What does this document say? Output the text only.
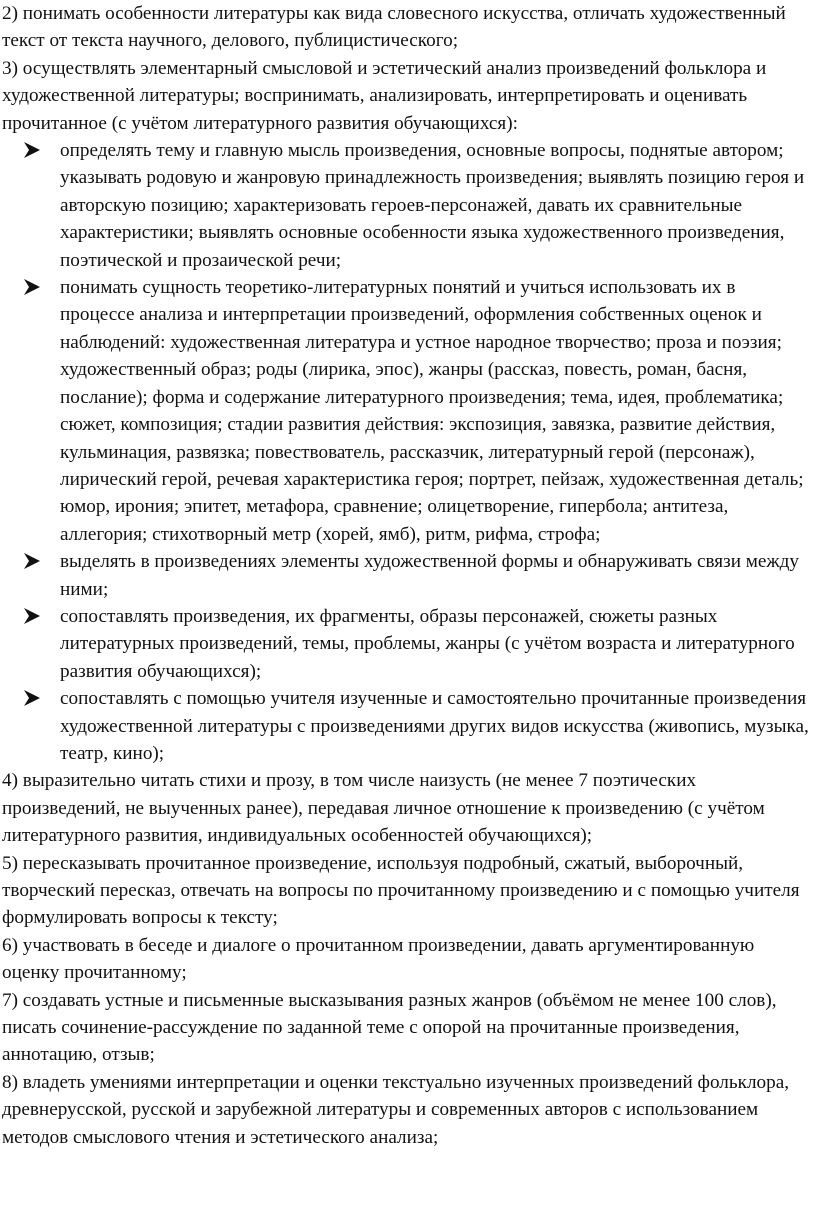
2) понимать особенности литературы как вида словесного искусства, отличать художественный текст от текста научного, делового, публицистического;

3) осуществлять элементарный смысловой и эстетический анализ произведений фольклора и художественной литературы; воспринимать, анализировать, интерпретировать и оценивать прочитанное (с учётом литературного развития обучающихся):

определять тему и главную мысль произведения, основные вопросы, поднятые автором; указывать родовую и жанровую принадлежность произведения; выявлять позицию героя и авторскую позицию; характеризовать героев-персонажей, давать их сравнительные характеристики; выявлять основные особенности языка художественного произведения, поэтической и прозаической речи;
понимать сущность теоретико-литературных понятий и учиться использовать их в процессе анализа и интерпретации произведений, оформления собственных оценок и наблюдений: художественная литература и устное народное творчество; проза и поэзия; художественный образ; роды (лирика, эпос), жанры (рассказ, повесть, роман, басня, послание); форма и содержание литературного произведения; тема, идея, проблематика; сюжет, композиция; стадии развития действия: экспозиция, завязка, развитие действия, кульминация, развязка; повествователь, рассказчик, литературный герой (персонаж), лирический герой, речевая характеристика героя; портрет, пейзаж, художественная деталь; юмор, ирония; эпитет, метафора, сравнение; олицетворение, гипербола; антитеза, аллегория; стихотворный метр (хорей, ямб), ритм, рифма, строфа;
выделять в произведениях элементы художественной формы и обнаруживать связи между ними;
сопоставлять произведения, их фрагменты, образы персонажей, сюжеты разных литературных произведений, темы, проблемы, жанры (с учётом возраста и литературного развития обучающихся);
сопоставлять с помощью учителя изученные и самостоятельно прочитанные произведения художественной литературы с произведениями других видов искусства (живопись, музыка, театр, кино);

4) выразительно читать стихи и прозу, в том числе наизусть (не менее 7 поэтических произведений, не выученных ранее), передавая личное отношение к произведению (с учётом литературного развития, индивидуальных особенностей обучающихся);

5) пересказывать прочитанное произведение, используя подробный, сжатый, выборочный, творческий пересказ, отвечать на вопросы по прочитанному произведению и с помощью учителя формулировать вопросы к тексту;

6) участвовать в беседе и диалоге о прочитанном произведении, давать аргументированную оценку прочитанному;

7) создавать устные и письменные высказывания разных жанров (объёмом не менее 100 слов), писать сочинение-рассуждение по заданной теме с опорой на прочитанные произведения, аннотацию, отзыв;

8) владеть умениями интерпретации и оценки текстуально изученных произведений фольклора, древнерусской, русской и зарубежной литературы и современных авторов с использованием методов смыслового чтения и эстетического анализа;
